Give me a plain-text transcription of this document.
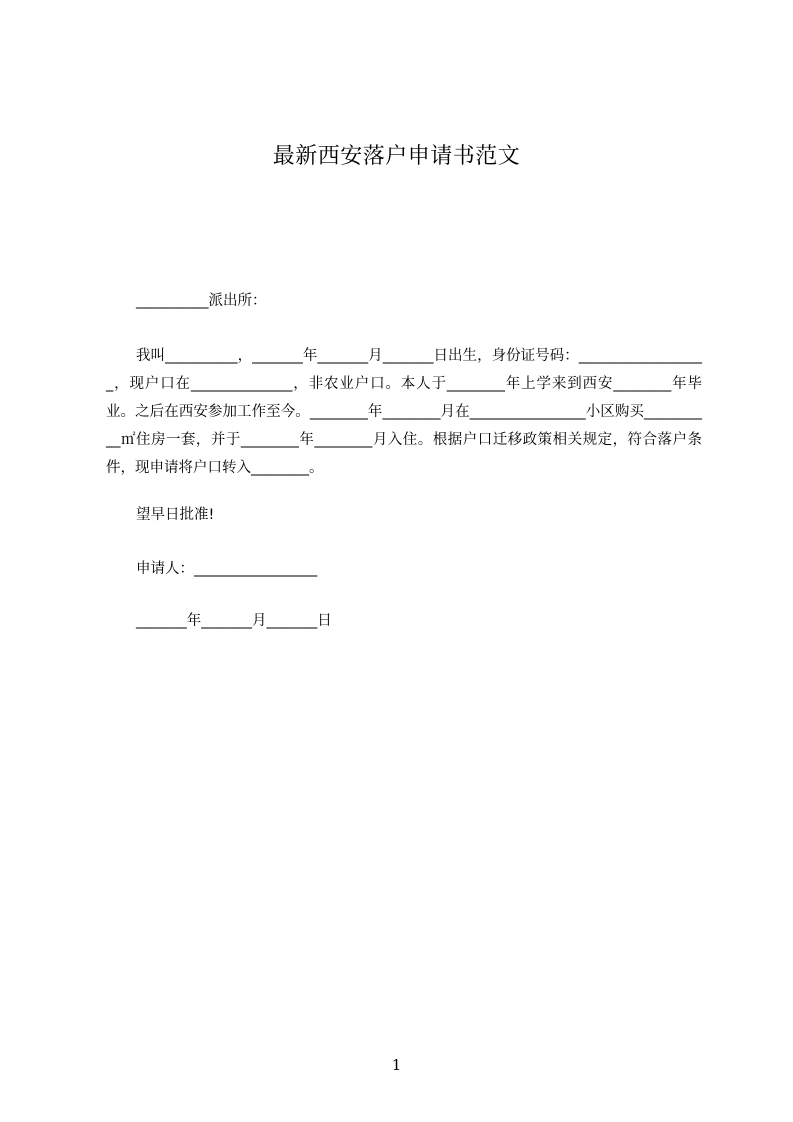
最新西安落户申请书范文
__________派出所：
我叫__________，_______年_______月_______日出生，身份证号码：__________________，现户口在______________，非农业户口。本人于________年上学来到西安________年毕业。之后在西安参加工作至今。________年________月在________________小区购买__________㎡住房一套，并于________年________月入住。根据户口迁移政策相关规定，符合落户条件，现申请将户口转入________。
望早日批准!
申请人：_________________
_______年_______月_______日
1
